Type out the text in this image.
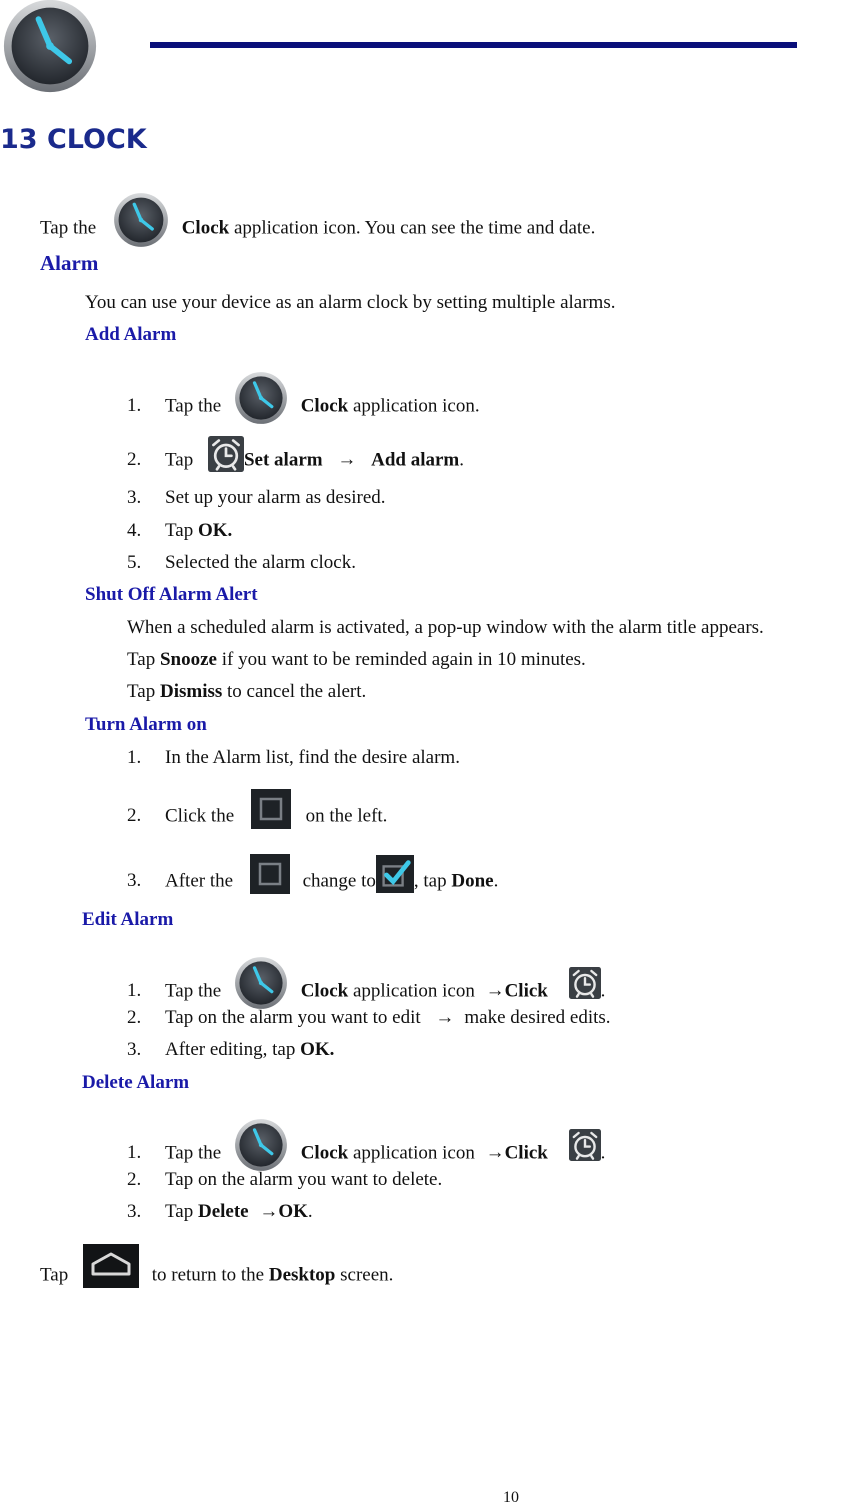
13 CLOCK
Tap the	Clock application icon. You can see the time and date.
Alarm
You can use your device as an alarm clock by setting multiple alarms.
Add Alarm
1. Tap the	Clock application icon.
2. Tap	Set alarm → Add alarm.
3. Set up your alarm as desired.
4. Tap OK.
5. Selected the alarm clock.
Shut Off Alarm Alert
When a scheduled alarm is activated, a pop-up window with the alarm title appears.
Tap Snooze if you want to be reminded again in 10 minutes.
Tap Dismiss to cancel the alert.
Turn Alarm on
1. In the Alarm list, find the desire alarm.
2. Click the	on the left.
3. After the	change to , tap Done.
Edit Alarm
1. Tap the	Clock application icon →Click	.
2. Tap on the alarm you want to edit → make desired edits.
3. After editing, tap OK.
Delete Alarm
1. Tap the	Clock application icon →Click	.
2. Tap on the alarm you want to delete.
3. Tap Delete →OK.
Tap	to return to the Desktop screen.
10
